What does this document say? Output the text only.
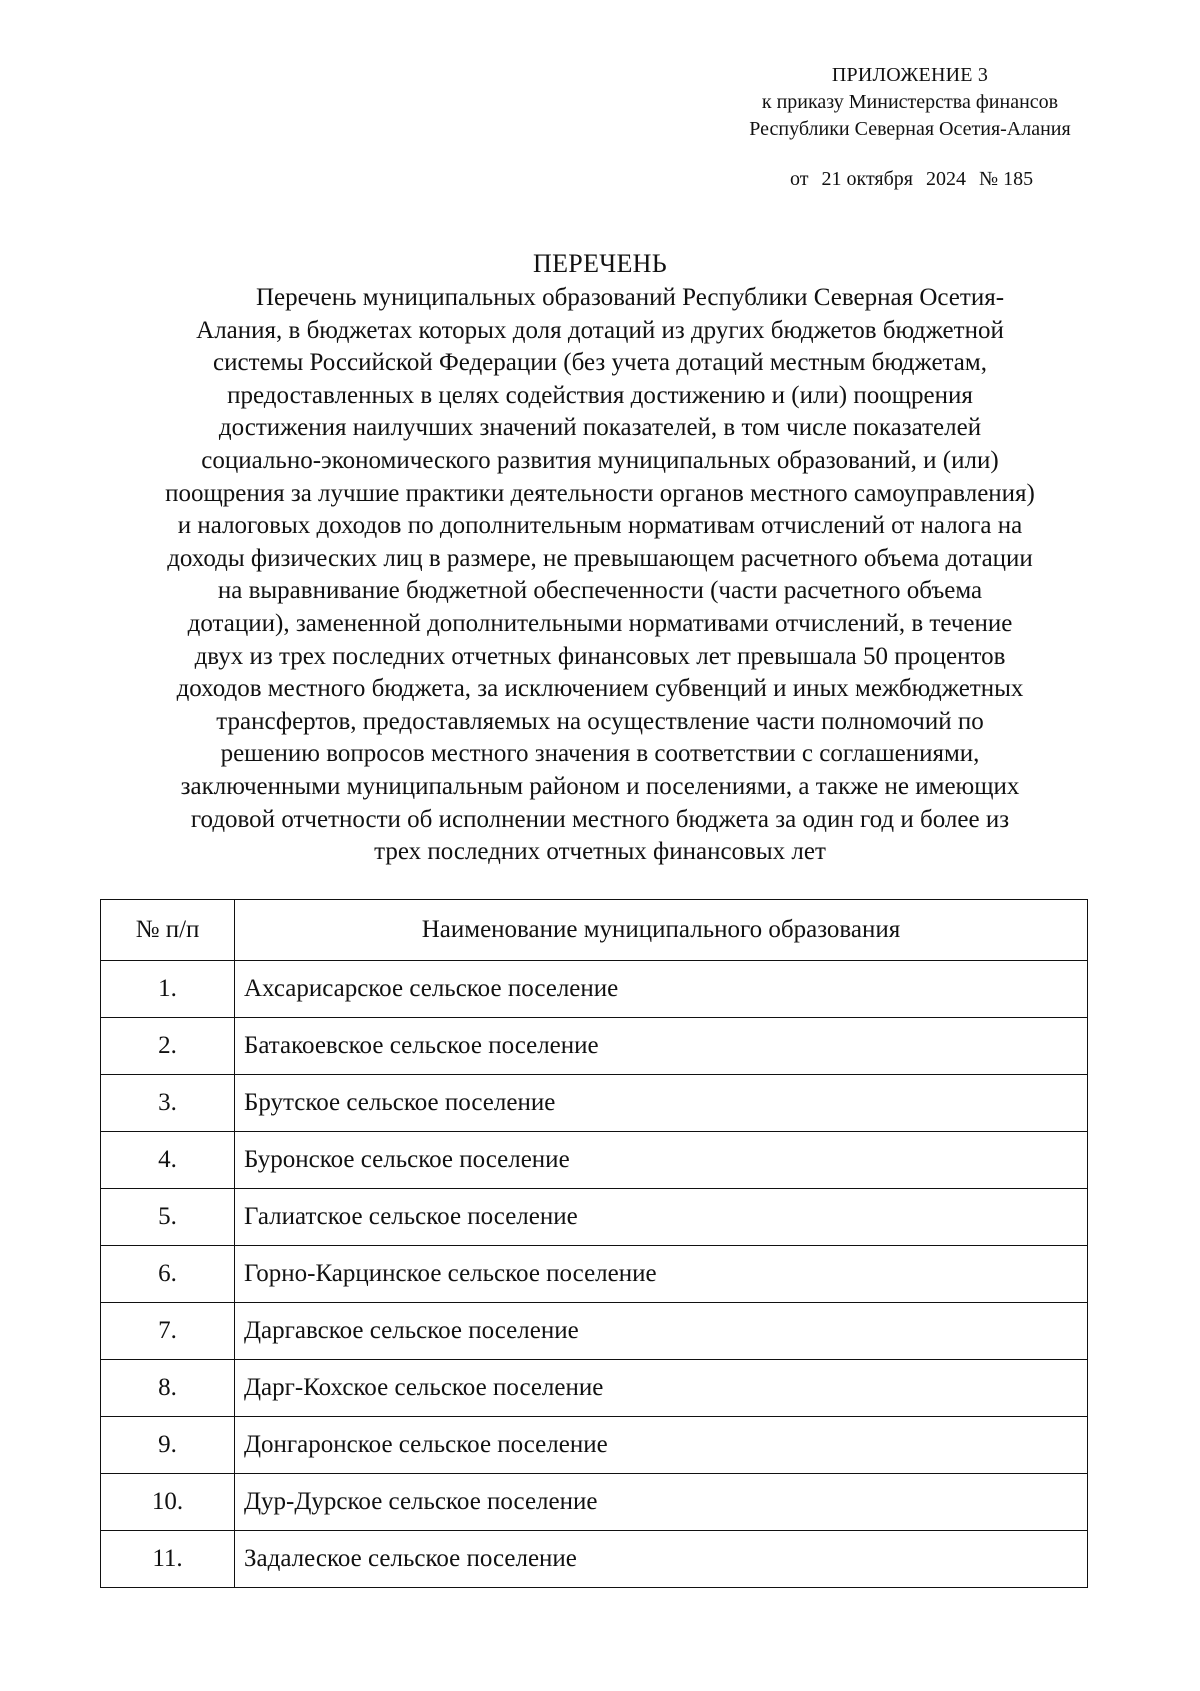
ПРИЛОЖЕНИЕ 3
к приказу Министерства финансов
Республики Северная Осетия-Алания
от 21 октября 2024 № 185
ПЕРЕЧЕНЬ
Перечень муниципальных образований Республики Северная Осетия-
Алания, в бюджетах которых доля дотаций из других бюджетов бюджетной
системы Российской Федерации (без учета дотаций местным бюджетам,
предоставленных в целях содействия достижению и (или) поощрения
достижения наилучших значений показателей, в том числе показателей
социально-экономического развития муниципальных образований, и (или)
поощрения за лучшие практики деятельности органов местного самоуправления)
и налоговых доходов по дополнительным нормативам отчислений от налога на
доходы физических лиц в размере, не превышающем расчетного объема дотации
на выравнивание бюджетной обеспеченности (части расчетного объема
дотации), замененной дополнительными нормативами отчислений, в течение
двух из трех последних отчетных финансовых лет превышала 50 процентов
доходов местного бюджета, за исключением субвенций и иных межбюджетных
трансфертов, предоставляемых на осуществление части полномочий по
решению вопросов местного значения в соответствии с соглашениями,
заключенными муниципальным районом и поселениями, а также не имеющих
годовой отчетности об исполнении местного бюджета за один год и более из
трех последних отчетных финансовых лет
№ п/п	Наименование муниципального образования
1.	Ахсарисарское сельское поселение
2.	Батакоевское сельское поселение
3.	Брутское сельское поселение
4.	Буронское сельское поселение
5.	Галиатское сельское поселение
6.	Горно-Карцинское сельское поселение
7.	Даргавское сельское поселение
8.	Дарг-Кохское сельское поселение
9.	Донгаронское сельское поселение
10.	Дур-Дурское сельское поселение
11.	Задалеское сельское поселение
